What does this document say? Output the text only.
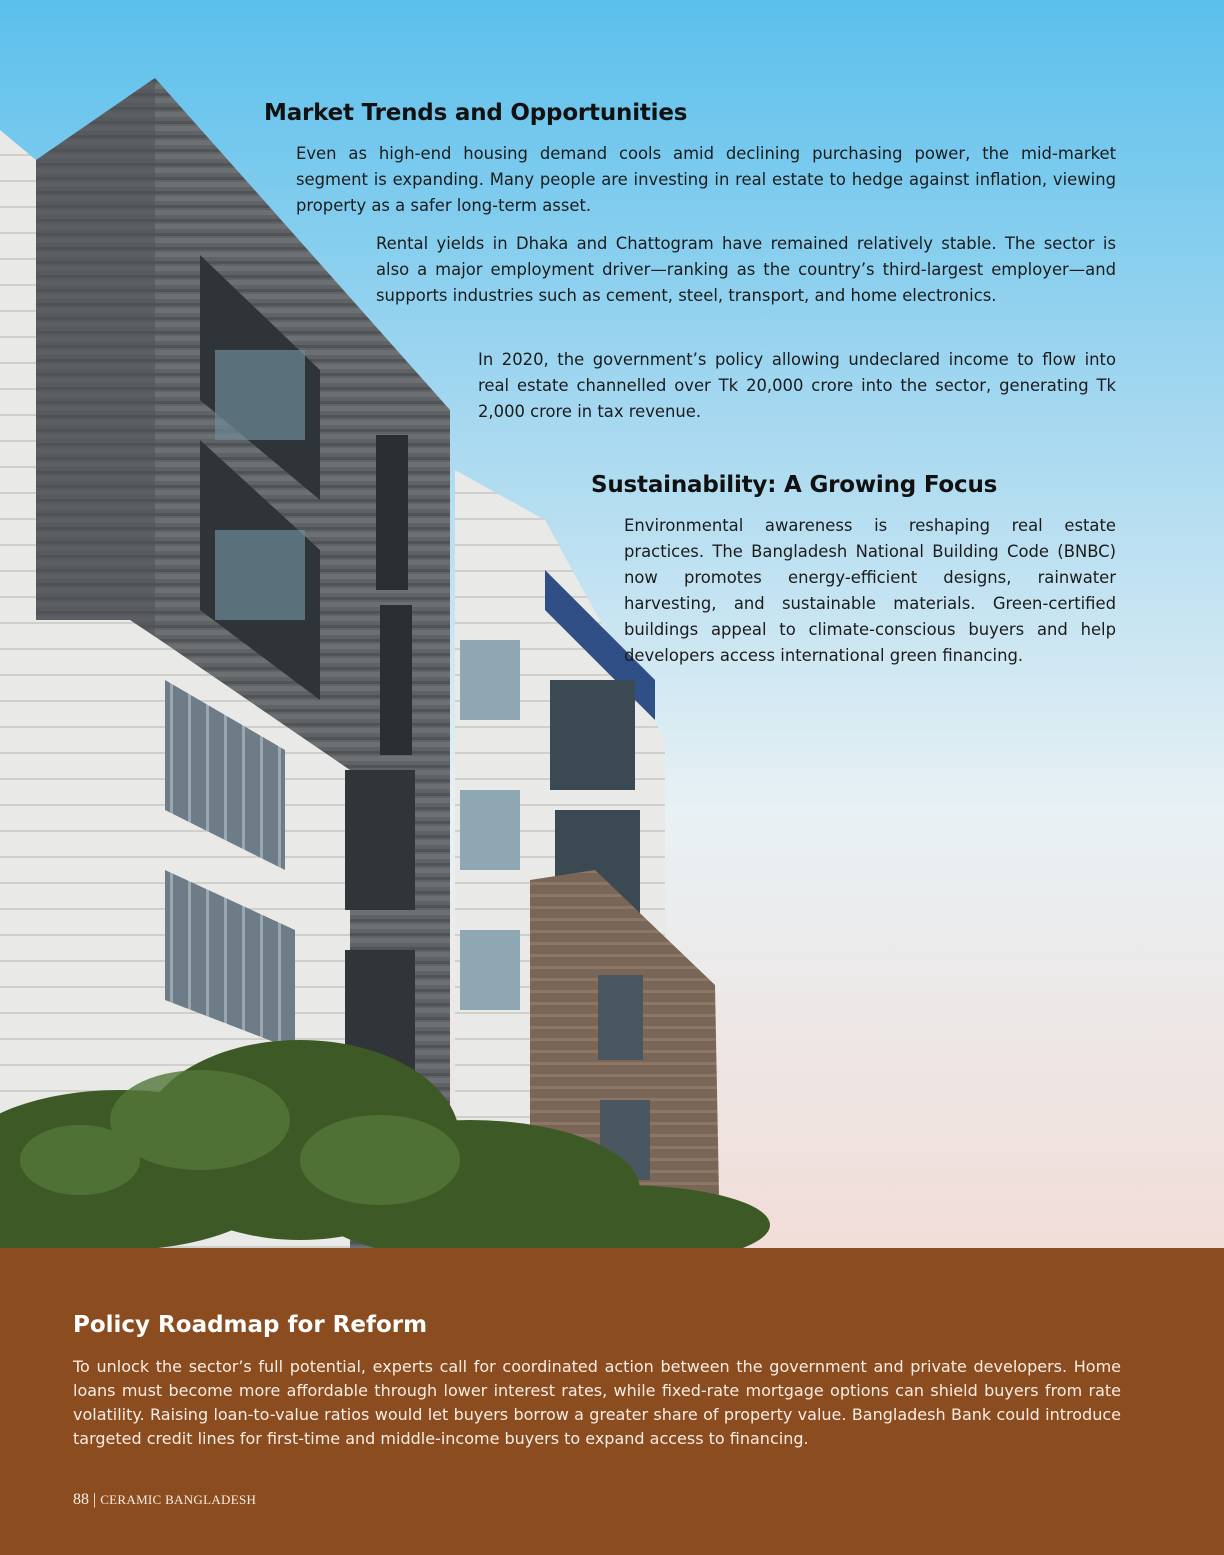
Market Trends and Opportunities

Even as high-end housing demand cools amid declining purchasing power, the mid-market segment is expanding. Many people are investing in real estate to hedge against inflation, viewing property as a safer long-term asset.

Rental yields in Dhaka and Chattogram have remained relatively stable. The sector is also a major employment driver—ranking as the country’s third-largest employer—and supports industries such as cement, steel, transport, and home electronics.

In 2020, the government’s policy allowing undeclared income to flow into real estate channelled over Tk 20,000 crore into the sector, generating Tk 2,000 crore in tax revenue.

Sustainability: A Growing Focus

Environmental awareness is reshaping real estate practices. The Bangladesh National Building Code (BNBC) now promotes energy-efficient designs, rainwater harvesting, and sustainable materials. Green-certified buildings appeal to climate-conscious buyers and help developers access international green financing.

Policy Roadmap for Reform

To unlock the sector’s full potential, experts call for coordinated action between the government and private developers. Home loans must become more affordable through lower interest rates, while fixed-rate mortgage options can shield buyers from rate volatility. Raising loan-to-value ratios would let buyers borrow a greater share of property value. Bangladesh Bank could introduce targeted credit lines for first-time and middle-income buyers to expand access to financing.

88 | CERAMIC BANGLADESH
